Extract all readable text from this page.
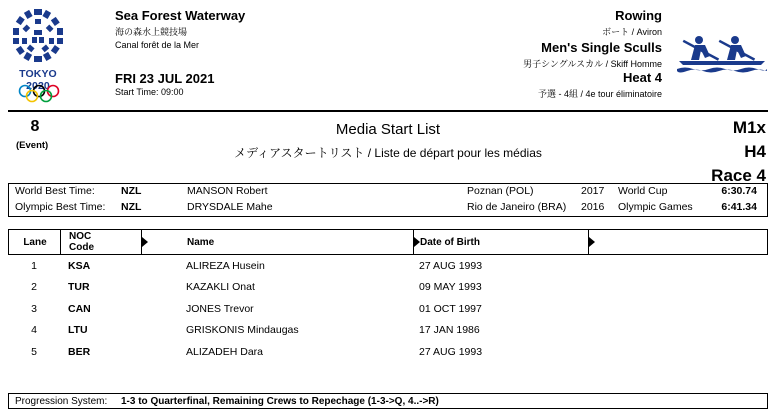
TOKYO 2020
Sea Forest Waterway
海の森水上競技場
Canal forêt de la Mer
FRI 23 JUL 2021
Start Time: 09:00
Rowing
ボート / Aviron
Men's Single Sculls
男子シングルスカル / Skiff Homme
Heat 4
予選 - 4組 / 4e tour éliminatoire
8
(Event)
Media Start List
メディアスタートリスト / Liste de départ pour les médias
M1x
H4
Race 4
World Best Time:	NZL	MANSON Robert	Poznan (POL)	2017 World Cup	6:30.74
Olympic Best Time: NZL	DRYSDALE Mahe	Rio de Janeiro (BRA) 2016 Olympic Games	6:41.34
Lane
NOC
Code	Name	Date of Birth
1	KSA	ALIREZA Husein	27 AUG 1993
2	TUR	KAZAKLI Onat	09 MAY 1993
3	CAN	JONES Trevor	01 OCT 1997
4	LTU	GRISKONIS Mindaugas	17 JAN 1986
5	BER	ALIZADEH Dara	27 AUG 1993
Progression System: 1-3 to Quarterfinal, Remaining Crews to Repechage (1-3->Q, 4..->R)
